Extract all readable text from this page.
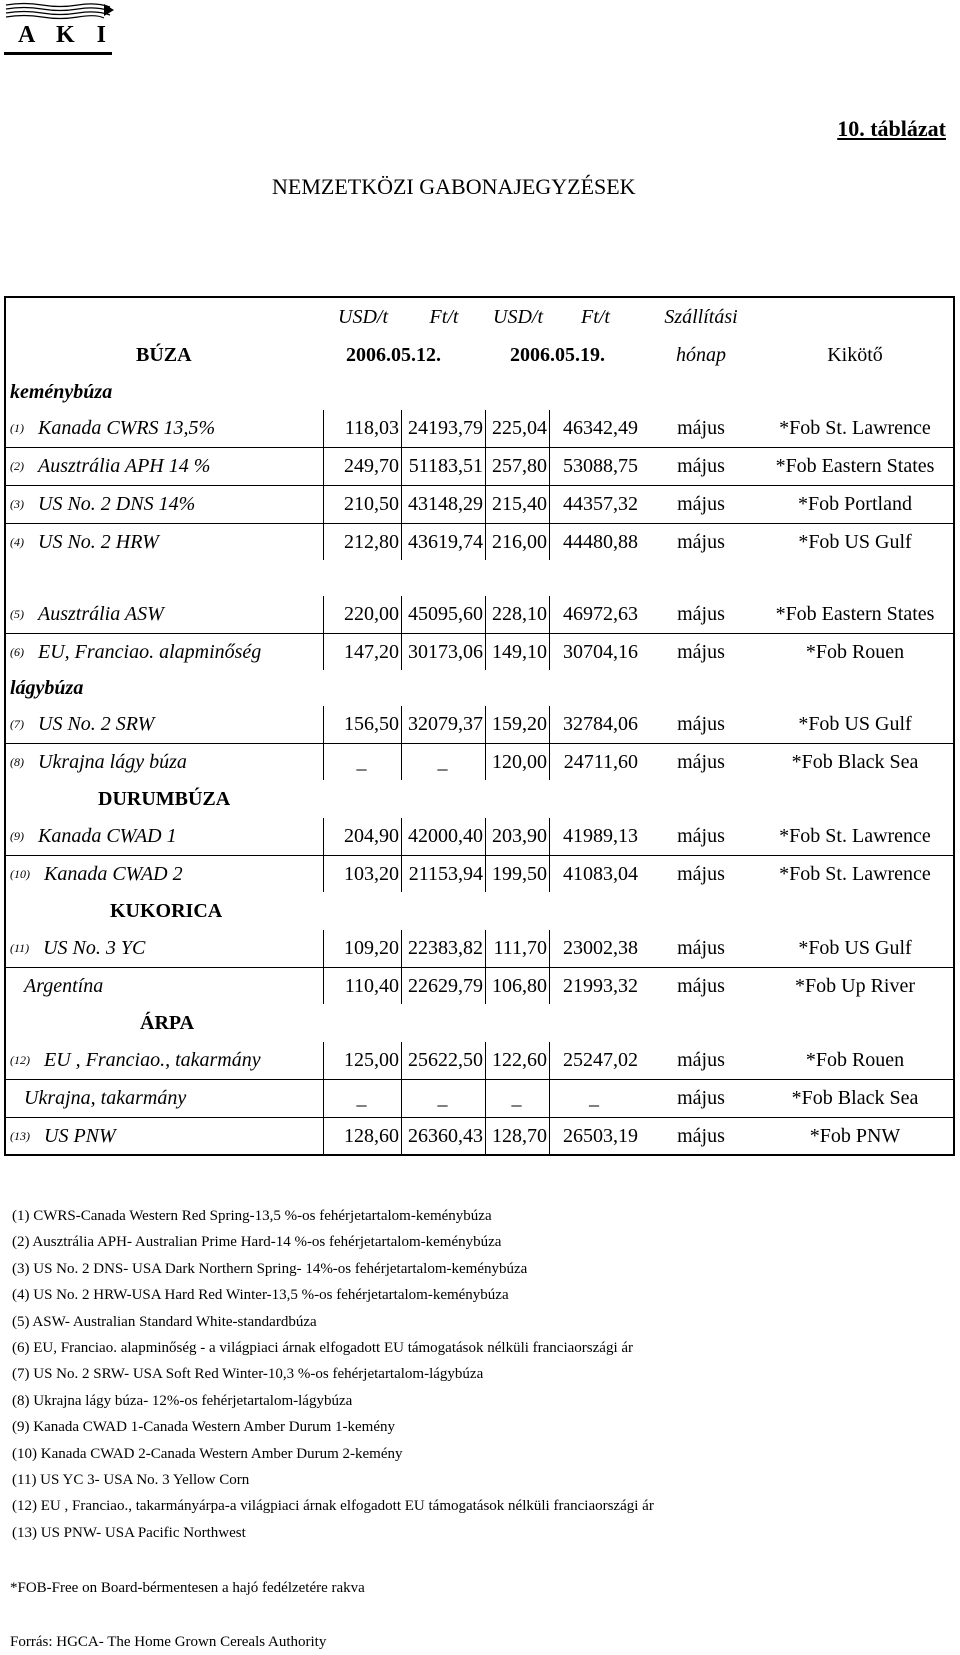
A K I
10. táblázat
NEMZETKÖZI GABONAJEGYZÉSEK
USD/t	Ft/t	USD/t	Ft/t	Szállítási
BÚZA	2006.05.12.	2006.05.19.	hónap	Kikötő
keménybúza
(1) Kanada CWRS 13,5%	118,03 24193,79 225,04 46342,49	május	*Fob St. Lawrence
(2) Ausztrália APH 14 %	249,70 51183,51 257,80 53088,75	május	*Fob Eastern States
(3) US No. 2 DNS 14%	210,50 43148,29 215,40 44357,32	május	*Fob Portland
(4) US No. 2 HRW	212,80 43619,74 216,00 44480,88	május	*Fob US Gulf
(5) Ausztrália ASW	220,00 45095,60 228,10 46972,63	május	*Fob Eastern States
(6) EU, Franciao. alapminőség	147,20 30173,06 149,10 30704,16	május	*Fob Rouen
lágybúza
(7) US No. 2 SRW	156,50 32079,37 159,20 32784,06	május	*Fob US Gulf
(8) Ukrajna lágy búza	_	_	120,00 24711,60	május	*Fob Black Sea
DURUMBÚZA
(9) Kanada CWAD 1	204,90 42000,40 203,90 41989,13	május	*Fob St. Lawrence
(10) Kanada CWAD 2	103,20 21153,94 199,50 41083,04	május	*Fob St. Lawrence
KUKORICA
(11) US No. 3 YC	109,20 22383,82 111,70 23002,38	május	*Fob US Gulf
Argentína	110,40 22629,79 106,80 21993,32	május	*Fob Up River
ÁRPA
(12) EU , Franciao., takarmány	125,00 25622,50 122,60 25247,02	május	*Fob Rouen
Ukrajna, takarmány	_	_	_	_	május	*Fob Black Sea
(13) US PNW	128,60 26360,43 128,70 26503,19	május	*Fob PNW
(1) CWRS-Canada Western Red Spring-13,5 %-os fehérjetartalom-keménybúza
(2) Ausztrália APH- Australian Prime Hard-14 %-os fehérjetartalom-keménybúza
(3) US No. 2 DNS- USA Dark Northern Spring- 14%-os fehérjetartalom-keménybúza
(4) US No. 2 HRW-USA Hard Red Winter-13,5 %-os fehérjetartalom-keménybúza
(5) ASW- Australian Standard White-standardbúza
(6) EU, Franciao. alapminőség - a világpiaci árnak elfogadott EU támogatások nélküli franciaországi ár
(7) US No. 2 SRW- USA Soft Red Winter-10,3 %-os fehérjetartalom-lágybúza
(8) Ukrajna lágy búza- 12%-os fehérjetartalom-lágybúza
(9) Kanada CWAD 1-Canada Western Amber Durum 1-kemény
(10) Kanada CWAD 2-Canada Western Amber Durum 2-kemény
(11) US YC 3- USA No. 3 Yellow Corn
(12) EU , Franciao., takarmányárpa-a világpiaci árnak elfogadott EU támogatások nélküli franciaországi ár
(13) US PNW- USA Pacific Northwest
*FOB-Free on Board-bérmentesen a hajó fedélzetére rakva
Forrás: HGCA- The Home Grown Cereals Authority
